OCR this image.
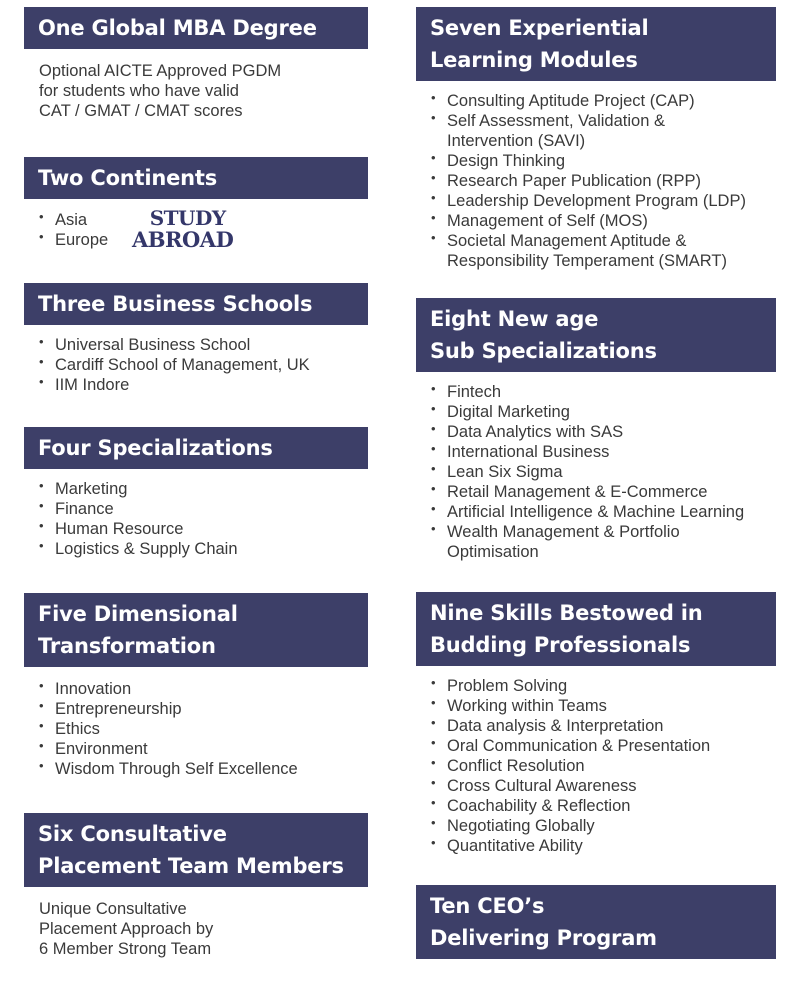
One Global MBA Degree
Optional AICTE Approved PGDM
for students who have valid
CAT / GMAT / CMAT scores
Two Continents
• Asia
• Europe
STUDY
ABROAD
Three Business Schools
• Universal Business School
• Cardiff School of Management, UK
• IIM Indore
Four Specializations
• Marketing
• Finance
• Human Resource
• Logistics & Supply Chain
Five Dimensional
Transformation
• Innovation
• Entrepreneurship
• Ethics
• Environment
• Wisdom Through Self Excellence
Six Consultative
Placement Team Members
Unique Consultative
Placement Approach by
6 Member Strong Team
Seven Experiential
Learning Modules
• Consulting Aptitude Project (CAP)
• Self Assessment, Validation &
Intervention (SAVI)
• Design Thinking
• Research Paper Publication (RPP)
• Leadership Development Program (LDP)
• Management of Self (MOS)
• Societal Management Aptitude &
Responsibility Temperament (SMART)
Eight New age
Sub Specializations
• Fintech
• Digital Marketing
• Data Analytics with SAS
• International Business
• Lean Six Sigma
• Retail Management & E-Commerce
• Artificial Intelligence & Machine Learning
• Wealth Management & Portfolio
Optimisation
Nine Skills Bestowed in
Budding Professionals
• Problem Solving
• Working within Teams
• Data analysis & Interpretation
• Oral Communication & Presentation
• Conflict Resolution
• Cross Cultural Awareness
• Coachability & Reflection
• Negotiating Globally
• Quantitative Ability
Ten CEO’s
Delivering Program
